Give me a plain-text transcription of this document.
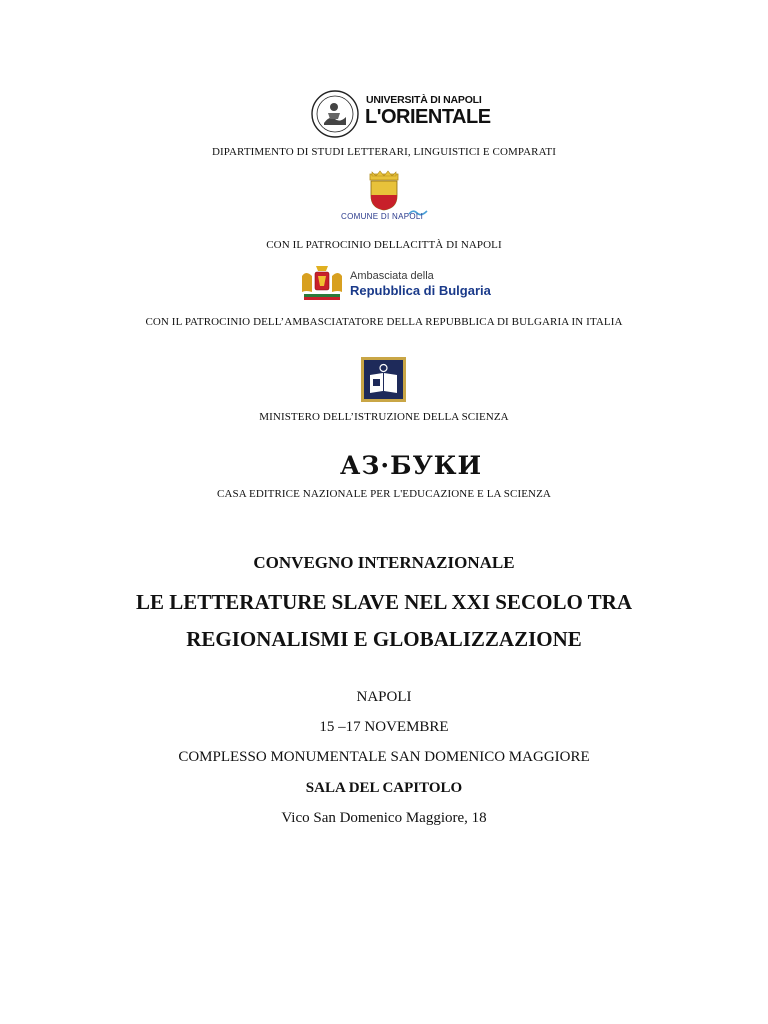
UNIVERSITÀ DI NAPOLI
L'ORIENTALE
DIPARTIMENTO DI STUDI LETTERARI, LINGUISTICI E COMPARATI
COMUNE DI NAPOLI
CON IL PATROCINIO DELLACITTÀ DI NAPOLI
Ambasciata della
Repubblica di Bulgaria
CON IL PATROCINIO DELL’AMBASCIATATORE DELLA REPUBBLICA DI BULGARIA IN ITALIA
MINISTERO DELL’ISTRUZIONE DELLA SCIENZA
АЗ·БУКИ
CASA EDITRICE NAZIONALE PER L'EDUCAZIONE E LA SCIENZA
CONVEGNO INTERNAZIONALE
LE LETTERATURE SLAVE NEL XXI SECOLO TRA
REGIONALISMI E GLOBALIZZAZIONE
NAPOLI
15 –17 NOVEMBRE
COMPLESSO MONUMENTALE SAN DOMENICO MAGGIORE
SALA DEL CAPITOLO
Vico San Domenico Maggiore, 18
